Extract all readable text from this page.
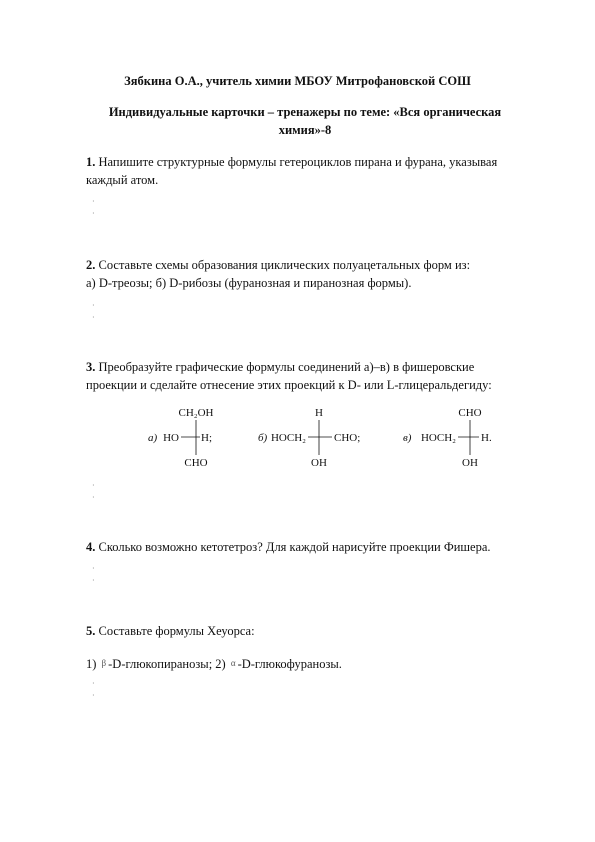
Зябкина О.А., учитель химии МБОУ Митрофановской СОШ
Индивидуальные карточки – тренажеры по теме: «Вся органическая химия»-8
1. Напишите структурные формулы гетероциклов пирана и фурана, указывая каждый атом.
·
·
2. Составьте схемы образования циклических полуацетальных форм из:
а) D-треозы; б) D-рибозы (фуранозная и пиранозная формы).
·
·
3. Преобразуйте графические формулы соединений а)–в) в фишеровские проекции и сделайте отнесение этих проекций к D- или L-глицеральдегиду:
а) HO
CH₂OH
H;
CHO
б) HOCH₂
H
CHO;
OH
в) HOCH₂
CHO
H.
OH
·
·
4. Сколько возможно кетотетроз? Для каждой нарисуйте проекции Фишера.
·
·
5. Составьте формулы Хеуорса:
1) β -D-глюкопиранозы; 2) α -D-глюкофуранозы.
·
·
